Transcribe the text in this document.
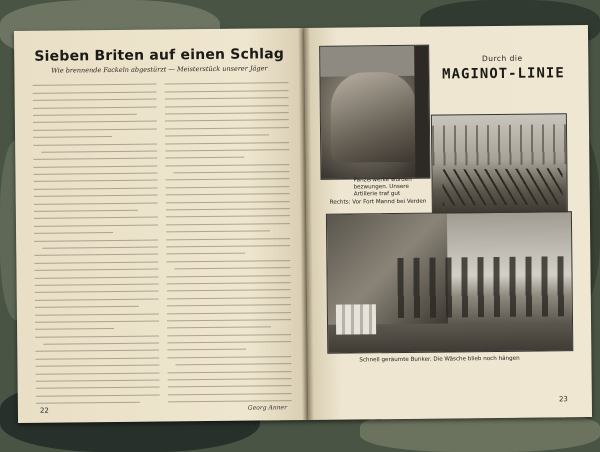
Sieben Briten auf einen Schlag
Wie brennende Fackeln abgestürzt — Meisterstück unserer Jäger
Georg Anner
22
Durch die
MAGINOT-LINIE
Panzerwerke wurden bezwungen. Unsere Artillerie traf gut
Rechts: Vor Fort Mannd bei Verden
Schnell geräumte Bunker. Die Wäsche blieb noch hängen
23
